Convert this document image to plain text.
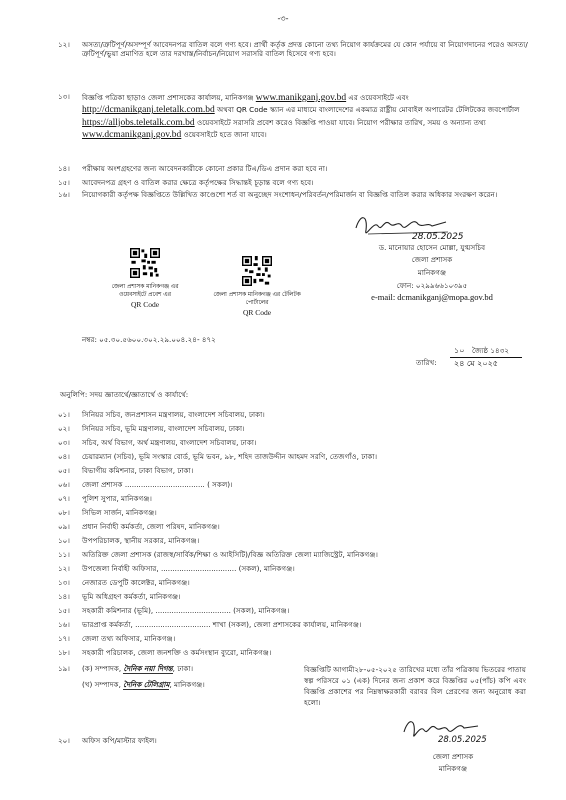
-৩-
১২। অসত্য/ত্রুটিপূর্ণ/অসম্পূর্ণ আবেদনপত্র বাতিল বলে গণ্য হবে। প্রার্থী কর্তৃক প্রদত্ত কোনো তথ্য নিয়োগ কার্যক্রমের যে কোন পর্যায়ে বা নিয়োগদানের পরেও অসত্য/ত্রুটিপূর্ণ/ভুয়া প্রমাণিত হলে তার দরখাস্ত/নির্বাচন/নিয়োগ সরাসরি বাতিল হিসেবে গণ্য হবে।
১৩। বিজ্ঞপ্তি পত্রিকা ছাড়াও জেলা প্রশাসকের কার্যালয়, মানিকগঞ্জ www.manikganj.gov.bd এর ওয়েবসাইটে এবং http://dcmanikganj.teletalk.com.bd অথবা QR Code স্ক্যান এর মাধ্যমে বাংলাদেশের একমাত্র রাষ্ট্রীয় মোবাইল অপারেটর টেলিটকের জবপোর্টাল https://alljobs.teletalk.com.bd ওয়েবসাইটে সরাসরি প্রবেশ করেও বিজ্ঞপ্তি পাওয়া যাবে। নিয়োগ পরীক্ষার তারিখ, সময় ও অন্যান্য তথ্য www.dcmanikganj.gov.bd ওয়েবসাইটে হতে জানা যাবে।
১৪। পরীক্ষায় অংশগ্রহণের জন্য আবেদনকারীকে কোনো প্রকার টিএ/ডিএ প্রদান করা হবে না।
১৫। আবেদনপত্র গ্রহণ ও বাতিল করার ক্ষেত্রে কর্তৃপক্ষের সিদ্ধান্তই চূড়ান্ত বলে গণ্য হবে।
১৬। নিয়োগকারী কর্তৃপক্ষ বিজ্ঞপ্তিতে উল্লিখিত কাণ্ডেশো শর্ত বা অনুচ্ছেদ সংশোধন/পরিবর্তন/পরিমার্জন বা বিজ্ঞপ্তি বাতিল করার অধিকার সংরক্ষণ করেন।
28.05.2025
ড. মানোয়ার হোসেন মোল্লা, যুগ্মসচিব
জেলা প্রশাসক
মানিকগঞ্জ
ফোন: ০২৯৯৬৬১০৩৯৫
e-mail: dcmanikganj@mopa.gov.bd
জেলা প্রশাসক মানিকগঞ্জ এর ওয়েবসাইটে প্রবেশ এর
QR Code
জেলা প্রশাসক মানিকগঞ্জ এর টেলিটক পোর্টালের
QR Code
নম্বর: ০৫.৩০.৫৬০০.৩০২.২৯.০০৪.২৪- ৪৭২
তারিখ:
১০ জ্যৈষ্ঠ ১৪৩২
২৪ মে ২০২৫
অনুলিপি: সদয় জ্ঞাতার্থে/জ্ঞাতার্থে ও কার্যার্থে:
০১। সিনিয়র সচিব, জনপ্রশাসন মন্ত্রণালয়, বাংলাদেশ সচিবালয়, ঢাকা।
০২। সিনিয়র সচিব, ভূমি মন্ত্রণালয়, বাংলাদেশ সচিবালয়, ঢাকা।
০৩। সচিব, অর্থ বিভাগ, অর্থ মন্ত্রণালয়, বাংলাদেশ সচিবালয়, ঢাকা।
০৪। চেয়ারম্যান (সচিব), ভূমি সংস্কার বোর্ড, ভূমি ভবন, ৯৮, শহিদ তাজউদ্দীন আহমদ সরণি, তেজগাঁও, ঢাকা।
০৫। বিভাগীয় কমিশনার, ঢাকা বিভাগ, ঢাকা।
০৬। জেলা প্রশাসক ................................... ( সকল)।
০৭। পুলিশ সুপার, মানিকগঞ্জ।
০৮। সিভিল সার্জন, মানিকগঞ্জ।
০৯। প্রধান নির্বাহী কর্মকর্তা, জেলা পরিষদ, মানিকগঞ্জ।
১০। উপপরিচালক, স্থানীয় সরকার, মানিকগঞ্জ।
১১। অতিরিক্ত জেলা প্রশাসক (রাজস্ব/সার্বিক/শিক্ষা ও আইসিটি)/বিজ্ঞ অতিরিক্ত জেলা ম্যাজিস্ট্রেট, মানিকগঞ্জ।
১২। উপজেলা নির্বাহী অফিসার, ................................. (সকল), মানিকগঞ্জ।
১৩। নেজারত ডেপুটি কালেক্টর, মানিকগঞ্জ।
১৪। ভূমি অধিগ্রহণ কর্মকর্তা, মানিকগঞ্জ।
১৫। সহকারী কমিশনার (ভূমি), ................................. (সকল), মানিকগঞ্জ।
১৬। ভারপ্রাপ্ত কর্মকর্তা, ................................. শাখা (সকল), জেলা প্রশাসকের কার্যালয়, মানিকগঞ্জ।
১৭। জেলা তথ্য অফিসার, মানিকগঞ্জ।
১৮। সহকারী পরিচালক, জেলা জনশক্তি ও কর্মসংস্থান ব্যুরো, মানিকগঞ্জ।
১৯। (ক) সম্পাদক, দৈনিক নয়া দিগন্ত, ঢাকা।
(খ) সম্পাদক, দৈনিক টেলিগ্রাম, মানিকগঞ্জ।
বিজ্ঞপ্তিটি আগামী২৮-০৫-২০২৫ তারিখের মধ্যে তাঁর পত্রিকায় ভিতরের পাতায় স্বল্প পরিসরে ০১ (এক) দিনের জন্য প্রকাশ করে বিজ্ঞপ্তির ০৫(পাঁচ) কপি এবং বিজ্ঞপ্তি প্রকাশের পর নিম্নস্বাক্ষরকারী বরাবর বিল প্রেরণের জন্য অনুরোধ করা হলো।
২০। অফিস কপি/মাস্টার ফাইল।	28.05.2025
জেলা প্রশাসক
মানিকগঞ্জ
